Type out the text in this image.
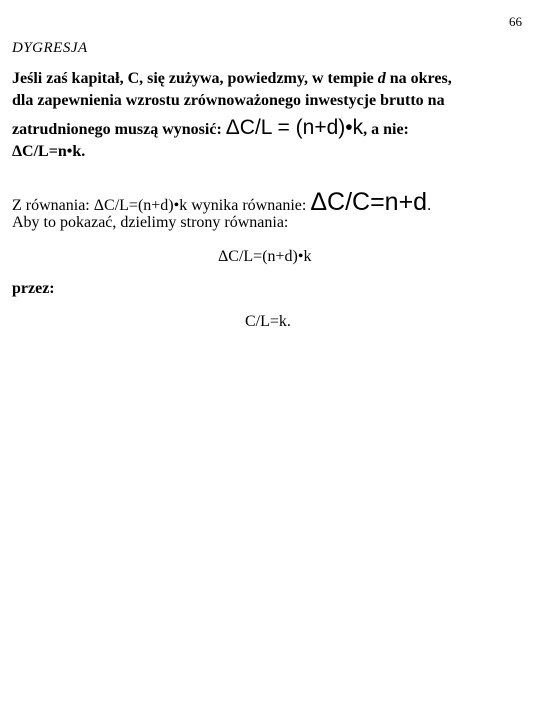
66
DYGRESJA
Jeśli zaś kapitał, C, się zużywa, powiedzmy, w tempie d na okres,
dla zapewnienia wzrostu zrównoważonego inwestycje brutto na
zatrudnionego muszą wynosić: ΔC/L = (n+d)•k, a nie:
ΔC/L=n•k.
Z równania: ΔC/L=(n+d)•k wynika równanie: ΔC/C=n+d.
Aby to pokazać, dzielimy strony równania:
ΔC/L=(n+d)•k
przez:
C/L=k.
